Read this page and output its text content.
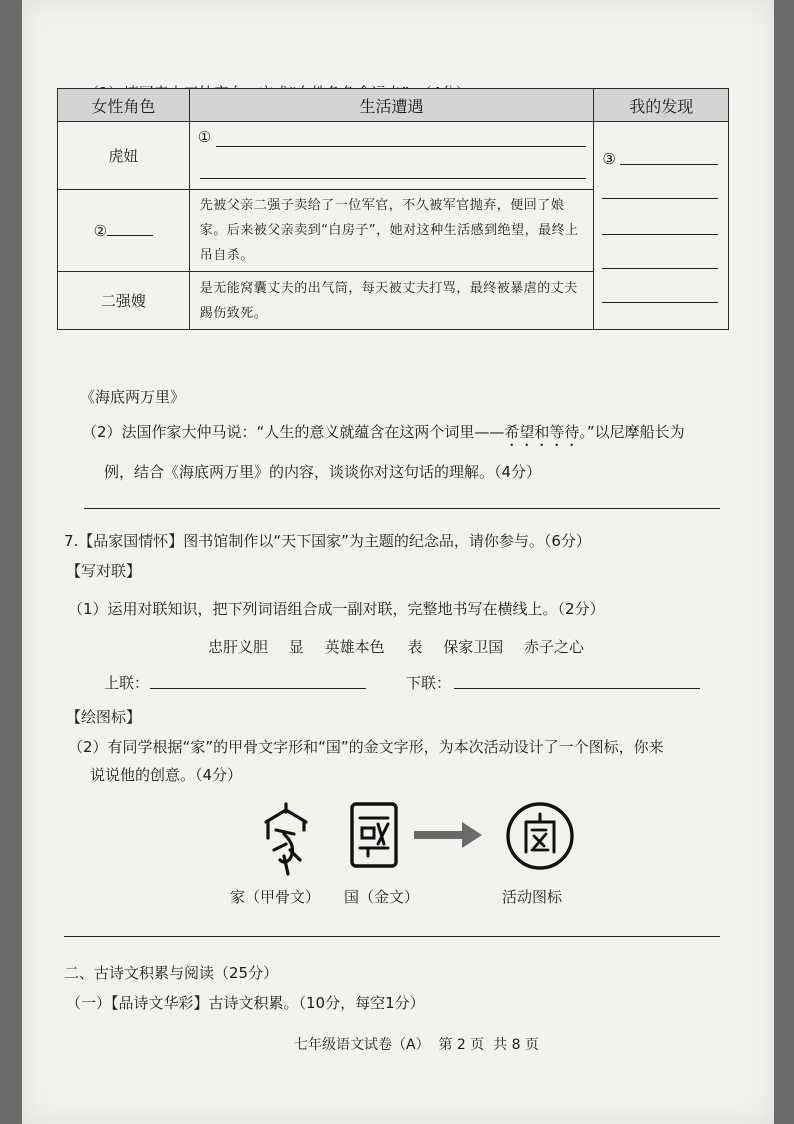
女性角色	生活遭遇	我的发现
虎妞	①	③

②	先被父亲二强子卖给了一位军官，不久被军官抛弃，便回了娘家。后来被父亲卖到“白房子”，她对这种生活感到绝望，最终上吊自杀。	
二强嫂	是无能窝囊丈夫的出气筒，每天被丈夫打骂，最终被暴虐的丈夫踢伤致死。	
《海底两万里》
（2）法国作家大仲马说：“人生的意义就蕴含在这两个词里——希望和等待。”以尼摩船长为
例，结合《海底两万里》的内容，谈谈你对这句话的理解。（4分）
7.【品家国情怀】图书馆制作以“天下国家”为主题的纪念品，请你参与。（6分）
【写对联】
（1）运用对联知识，把下列词语组合成一副对联，完整地书写在横线上。（2分）
忠肝义胆 显 英雄本色 表 保家卫国 赤子之心
上联：	下联：
【绘图标】
（2）有同学根据“家”的甲骨文字形和“国”的金文字形，为本次活动设计了一个图标，你来
说说他的创意。（4分）
家（甲骨文） 国（金文）	活动图标
二、古诗文积累与阅读（25分）
（一）【品诗文华彩】古诗文积累。（10分，每空1分）
七年级语文试卷（A）  第 2 页  共 8 页
